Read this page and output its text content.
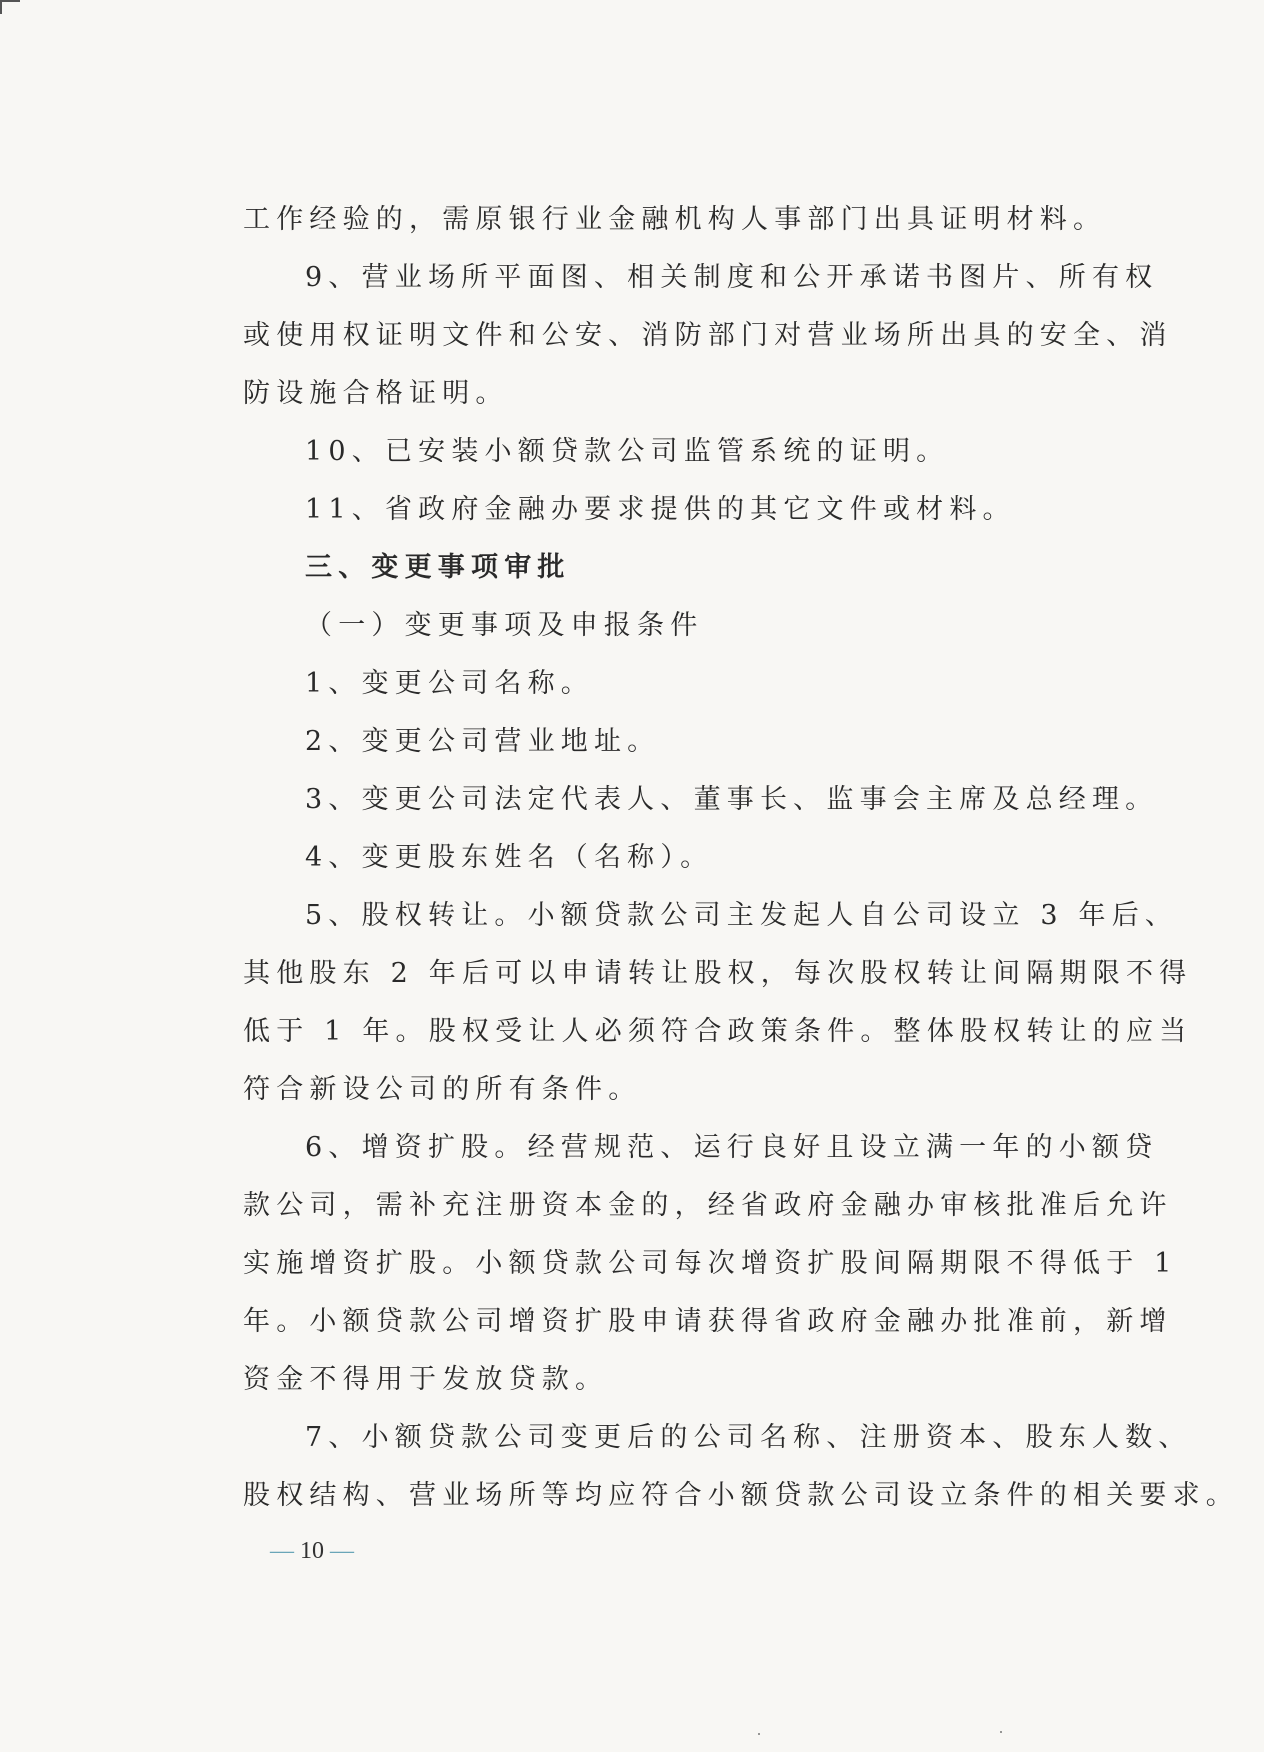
工作经验的，需原银行业金融机构人事部门出具证明材料。
9、营业场所平面图、相关制度和公开承诺书图片、所有权
或使用权证明文件和公安、消防部门对营业场所出具的安全、消
防设施合格证明。
10、已安装小额贷款公司监管系统的证明。
11、省政府金融办要求提供的其它文件或材料。
三、变更事项审批
（一）变更事项及申报条件
1、变更公司名称。
2、变更公司营业地址。
3、变更公司法定代表人、董事长、监事会主席及总经理。
4、变更股东姓名（名称）。
5、股权转让。小额贷款公司主发起人自公司设立 3 年后、
其他股东 2 年后可以申请转让股权，每次股权转让间隔期限不得
低于 1 年。股权受让人必须符合政策条件。整体股权转让的应当
符合新设公司的所有条件。
6、增资扩股。经营规范、运行良好且设立满一年的小额贷
款公司，需补充注册资本金的，经省政府金融办审核批准后允许
实施增资扩股。小额贷款公司每次增资扩股间隔期限不得低于 1
年。小额贷款公司增资扩股申请获得省政府金融办批准前，新增
资金不得用于发放贷款。
7、小额贷款公司变更后的公司名称、注册资本、股东人数、
股权结构、营业场所等均应符合小额贷款公司设立条件的相关要求。
— 10 —
